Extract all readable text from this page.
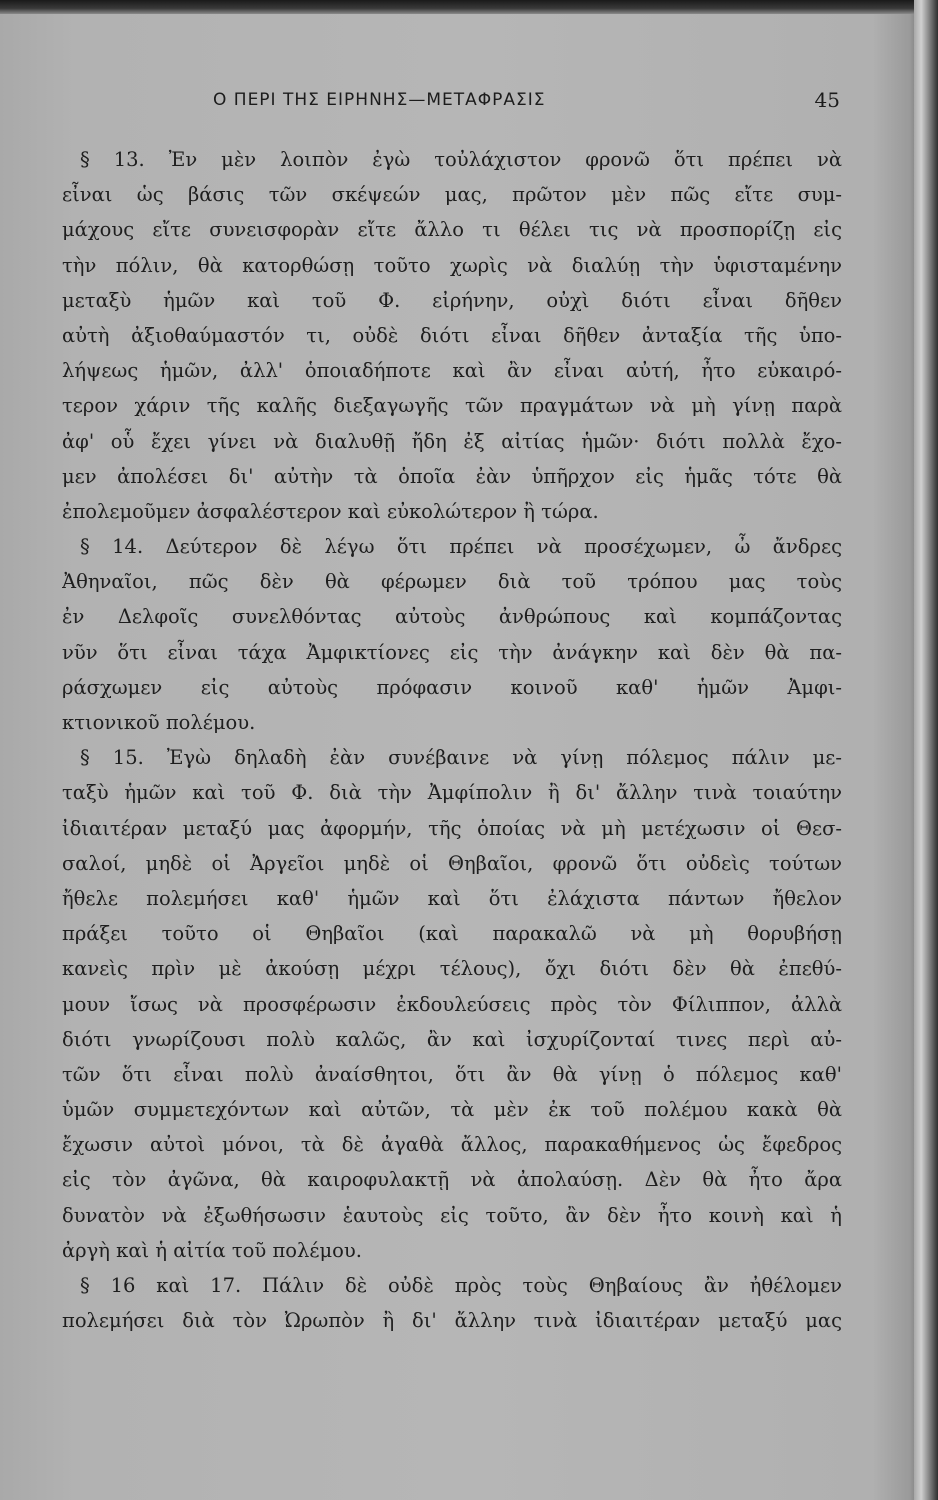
Ο ΠΕΡΙ ΤΗΣ ΕΙΡΗΝΗΣ—ΜΕΤΑΦΡΑΣΙΣ	45
§ 13. Ἐν μὲν λοιπὸν ἐγὼ τοὐλάχιστον φρονῶ ὅτι πρέπει νὰ
εἶναι ὡς βάσις τῶν σκέψεών μας, πρῶτον μὲν πῶς εἴτε συμ-
μάχους εἴτε συνεισφορὰν εἴτε ἄλλο τι θέλει τις νὰ προσπορίζῃ εἰς
τὴν πόλιν, θὰ κατορθώσῃ τοῦτο χωρὶς νὰ διαλύῃ τὴν ὑφισταμένην
μεταξὺ ἡμῶν καὶ τοῦ Φ. εἰρήνην, οὐχὶ διότι εἶναι δῆθεν
αὐτὴ ἀξιοθαύμαστόν τι, οὐδὲ διότι εἶναι δῆθεν ἀνταξία τῆς ὑπο-
λήψεως ἡμῶν, ἀλλ' ὁποιαδήποτε καὶ ἂν εἶναι αὐτή, ἦτο εὐκαιρό-
τερον χάριν τῆς καλῆς διεξαγωγῆς τῶν πραγμάτων νὰ μὴ γίνῃ παρὰ
ἀφ' οὗ ἔχει γίνει νὰ διαλυθῇ ἤδη ἐξ αἰτίας ἡμῶν· διότι πολλὰ ἔχο-
μεν ἀπολέσει δι' αὐτὴν τὰ ὁποῖα ἐὰν ὑπῆρχον εἰς ἡμᾶς τότε θὰ
ἐπολεμοῦμεν ἀσφαλέστερον καὶ εὐκολώτερον ἢ τώρα.
§ 14. Δεύτερον δὲ λέγω ὅτι πρέπει νὰ προσέχωμεν, ὦ ἄνδρες
Ἀθηναῖοι, πῶς δὲν θὰ φέρωμεν διὰ τοῦ τρόπου μας τοὺς
ἐν Δελφοῖς συνελθόντας αὐτοὺς ἀνθρώπους καὶ κομπάζοντας
νῦν ὅτι εἶναι τάχα Ἀμφικτίονες εἰς τὴν ἀνάγκην καὶ δὲν θὰ πα-
ράσχωμεν εἰς αὐτοὺς πρόφασιν κοινοῦ καθ' ἡμῶν Ἀμφι-
κτιονικοῦ πολέμου.
§ 15. Ἐγὼ δηλαδὴ ἐὰν συνέβαινε νὰ γίνῃ πόλεμος πάλιν με-
ταξὺ ἡμῶν καὶ τοῦ Φ. διὰ τὴν Ἀμφίπολιν ἢ δι' ἄλλην τινὰ τοιαύτην
ἰδιαιτέραν μεταξύ μας ἀφορμήν, τῆς ὁποίας νὰ μὴ μετέχωσιν οἱ Θεσ-
σαλοί, μηδὲ οἱ Ἀργεῖοι μηδὲ οἱ Θηβαῖοι, φρονῶ ὅτι οὐδεὶς τούτων
ἤθελε πολεμήσει καθ' ἡμῶν καὶ ὅτι ἐλάχιστα πάντων ἤθελον
πράξει τοῦτο οἱ Θηβαῖοι (καὶ παρακαλῶ νὰ μὴ θορυβήσῃ
κανεὶς πρὶν μὲ ἀκούσῃ μέχρι τέλους), ὄχι διότι δὲν θὰ ἐπεθύ-
μουν ἴσως νὰ προσφέρωσιν ἐκδουλεύσεις πρὸς τὸν Φίλιππον, ἀλλὰ
διότι γνωρίζουσι πολὺ καλῶς, ἂν καὶ ἰσχυρίζονταί τινες περὶ αὐ-
τῶν ὅτι εἶναι πολὺ ἀναίσθητοι, ὅτι ἂν θὰ γίνῃ ὁ πόλεμος καθ'
ὑμῶν συμμετεχόντων καὶ αὐτῶν, τὰ μὲν ἐκ τοῦ πολέμου κακὰ θὰ
ἔχωσιν αὐτοὶ μόνοι, τὰ δὲ ἀγαθὰ ἄλλος, παρακαθήμενος ὡς ἔφεδρος
εἰς τὸν ἀγῶνα, θὰ καιροφυλακτῇ νὰ ἀπολαύσῃ. Δὲν θὰ ἦτο ἄρα
δυνατὸν νὰ ἐξωθήσωσιν ἑαυτοὺς εἰς τοῦτο, ἂν δὲν ἦτο κοινὴ καὶ ἡ
ἀργὴ καὶ ἡ αἰτία τοῦ πολέμου.
§ 16 καὶ 17. Πάλιν δὲ οὐδὲ πρὸς τοὺς Θηβαίους ἂν ἠθέλομεν
πολεμήσει διὰ τὸν Ὠρωπὸν ἢ δι' ἄλλην τινὰ ἰδιαιτέραν μεταξύ μας
